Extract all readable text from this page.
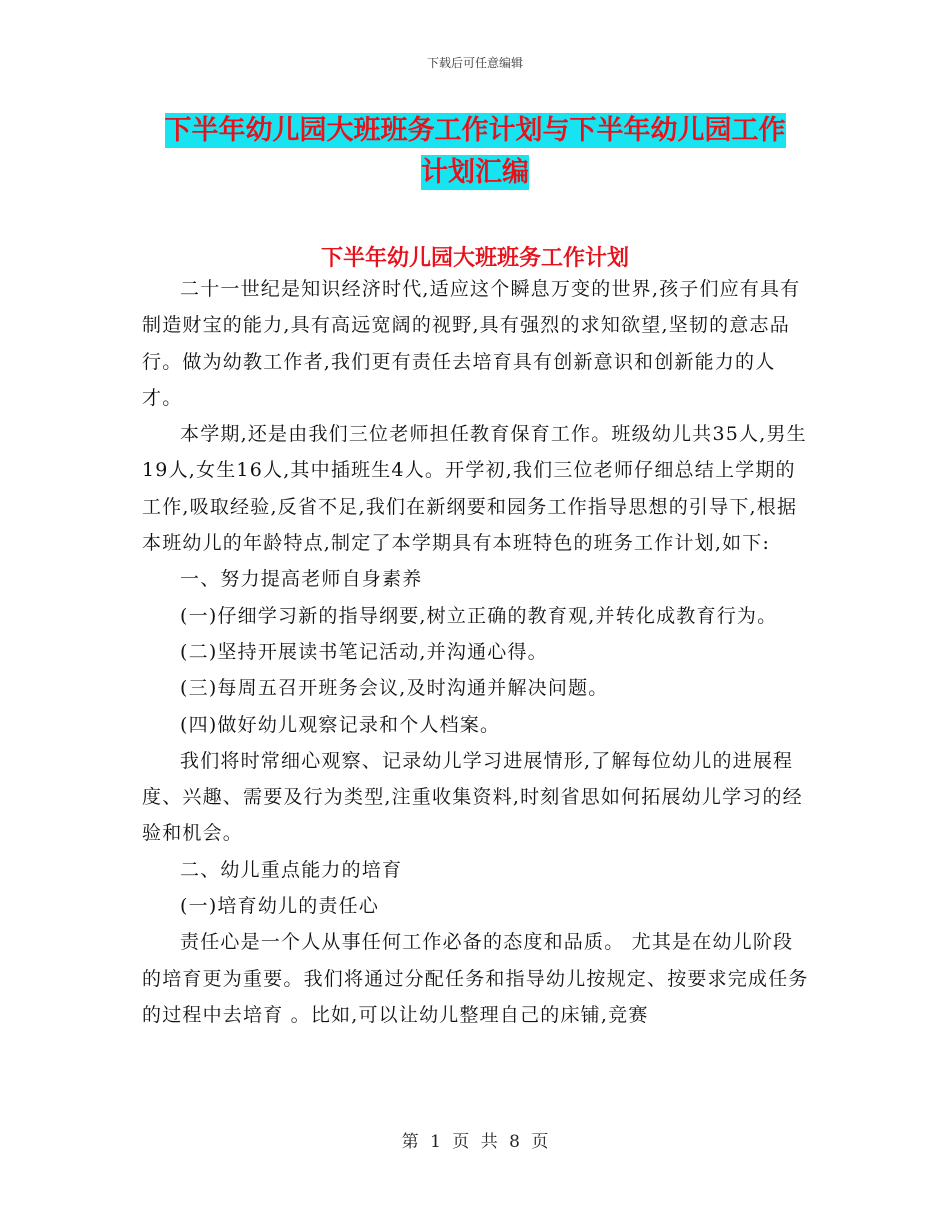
下载后可任意编辑
下半年幼儿园大班班务工作计划与下半年幼儿园工作
计划汇编
下半年幼儿园大班班务工作计划

二十一世纪是知识经济时代,适应这个瞬息万变的世界,孩子们应有具有制造财宝的能力,具有高远宽阔的视野,具有强烈的求知欲望,坚韧的意志品行。做为幼教工作者,我们更有责任去培育具有创新意识和创新能力的人才。

本学期,还是由我们三位老师担任教育保育工作。班级幼儿共35人,男生19人,女生16人,其中插班生4人。开学初,我们三位老师仔细总结上学期的工作,吸取经验,反省不足,我们在新纲要和园务工作指导思想的引导下,根据本班幼儿的年龄特点,制定了本学期具有本班特色的班务工作计划,如下:

一、努力提高老师自身素养

(一)仔细学习新的指导纲要,树立正确的教育观,并转化成教育行为。

(二)坚持开展读书笔记活动,并沟通心得。

(三)每周五召开班务会议,及时沟通并解决问题。

(四)做好幼儿观察记录和个人档案。

我们将时常细心观察、记录幼儿学习进展情形,了解每位幼儿的进展程度、兴趣、需要及行为类型,注重收集资料,时刻省思如何拓展幼儿学习的经验和机会。

二、幼儿重点能力的培育

(一)培育幼儿的责任心

责任心是一个人从事任何工作必备的态度和品质。 尤其是在幼儿阶段的培育更为重要。我们将通过分配任务和指导幼儿按规定、按要求完成任务的过程中去培育 。比如,可以让幼儿整理自己的床铺,竞赛

第 1 页 共 8 页
